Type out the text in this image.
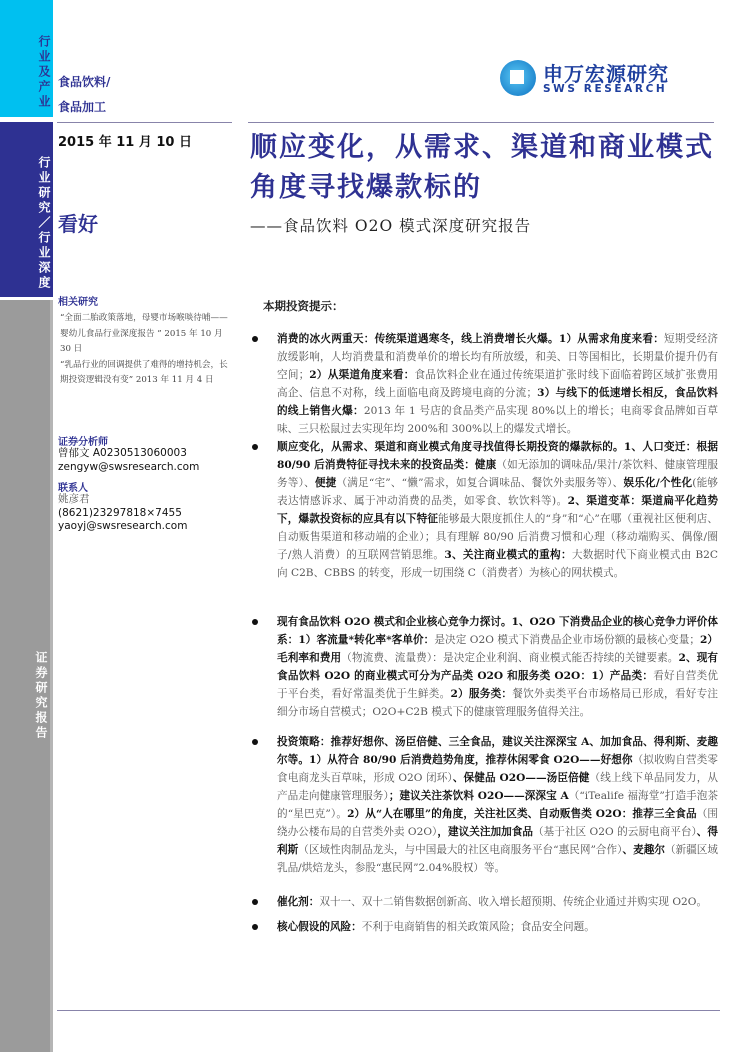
行业及产业
行业研究／行业深度
证券研究报告
食品饮料/
食品加工
2015 年 11 月 10 日
看好
申万宏源研究
SWS RESEARCH
顺应变化，从需求、渠道和商业模式角度寻找爆款标的
——食品饮料 O2O 模式深度研究报告
相关研究
“全面二胎政策落地，母婴市场喉啖待哺—— 婴幼儿食品行业深度报告 ” 2015 年 10 月 30 日
“乳品行业的回调提供了难得的增持机会，长期投资逻辑没有变” 2013 年 11 月 4 日
证券分析师
曾郁文 A0230513060003
zengyw@swsresearch.com
联系人
姚彦君
(8621)23297818×7455
yaoyj@swsresearch.com
本期投资提示：
消费的冰火两重天：传统渠道遇寒冬，线上消费增长火爆。1）从需求角度来看：短期受经济放缓影响，人均消费量和消费单价的增长均有所放缓，和美、日等国相比，长期量价提升仍有空间；2）从渠道角度来看：食品饮料企业在通过传统渠道扩张时线下面临着跨区域扩张费用高企、信息不对称，线上面临电商及跨境电商的分流；3）与线下的低速增长相反，食品饮料的线上销售火爆：2013 年 1 号店的食品类产品实现 80%以上的增长；电商零食品牌如百草味、三只松鼠过去实现年均 200%和 300%以上的爆发式增长。
顺应变化，从需求、渠道和商业模式角度寻找值得长期投资的爆款标的。1、人口变迁：根据 80/90 后消费特征寻找未来的投资品类：健康（如无添加的调味品/果汁/茶饮料、健康管理服务等）、便捷（满足“宅”、“懒”需求，如复合调味品、餐饮外卖服务等）、娱乐化/个性化(能够表达情感诉求、属于冲动消费的品类，如零食、软饮料等)。2、渠道变革：渠道扁平化趋势下，爆款投资标的应具有以下特征能够最大限度抓住人的“身”和“心”在哪（重视社区便利店、自动贩售渠道和移动端的企业）；具有理解 80/90 后消费习惯和心理（移动端购买、偶像/圈子/熟人消费）的互联网营销思维。3、关注商业模式的重构：大数据时代下商业模式由 B2C 向 C2B、CBBS 的转变，形成一切围绕 C（消费者）为核心的网状模式。
现有食品饮料 O2O 模式和企业核心竞争力探讨。1、O2O 下消费品企业的核心竞争力评价体系：1）客流量*转化率*客单价：是决定 O2O 模式下消费品企业市场份额的最核心变量；2）毛利率和费用（物流费、流量费）：是决定企业利润、商业模式能否持续的关键要素。2、现有食品饮料 O2O 的商业模式可分为产品类 O2O 和服务类 O2O：1）产品类：看好自营类优于平台类，看好常温类优于生鲜类。2）服务类：餐饮外卖类平台市场格局已形成，看好专注细分市场自营模式；O2O+C2B 模式下的健康管理服务值得关注。
投资策略：推荐好想你、汤臣倍健、三全食品，建议关注深深宝 A、加加食品、得利斯、麦趣尔等。1）从符合 80/90 后消费趋势角度，推荐休闲零食 O2O——好想你（拟收购自营类零食电商龙头百草味，形成 O2O 闭环）、保健品 O2O——汤臣倍健（线上线下单品同发力，从产品走向健康管理服务）；建议关注茶饮料 O2O——深深宝 A（“iTealife 福海堂”打造手泡茶的“星巴克”）。2）从“人在哪里”的角度，关注社区类、自动贩售类 O2O：推荐三全食品（围绕办公楼布局的自营类外卖 O2O），建议关注加加食品（基于社区 O2O 的云厨电商平台）、得利斯（区域性肉制品龙头，与中国最大的社区电商服务平台“惠民网”合作）、麦趣尔（新疆区域乳品/烘焙龙头，参股“惠民网”2.04%股权）等。
催化剂：双十一、双十二销售数据创新高、收入增长超预期、传统企业通过并购实现 O2O。
核心假设的风险：不利于电商销售的相关政策风险；食品安全问题。
